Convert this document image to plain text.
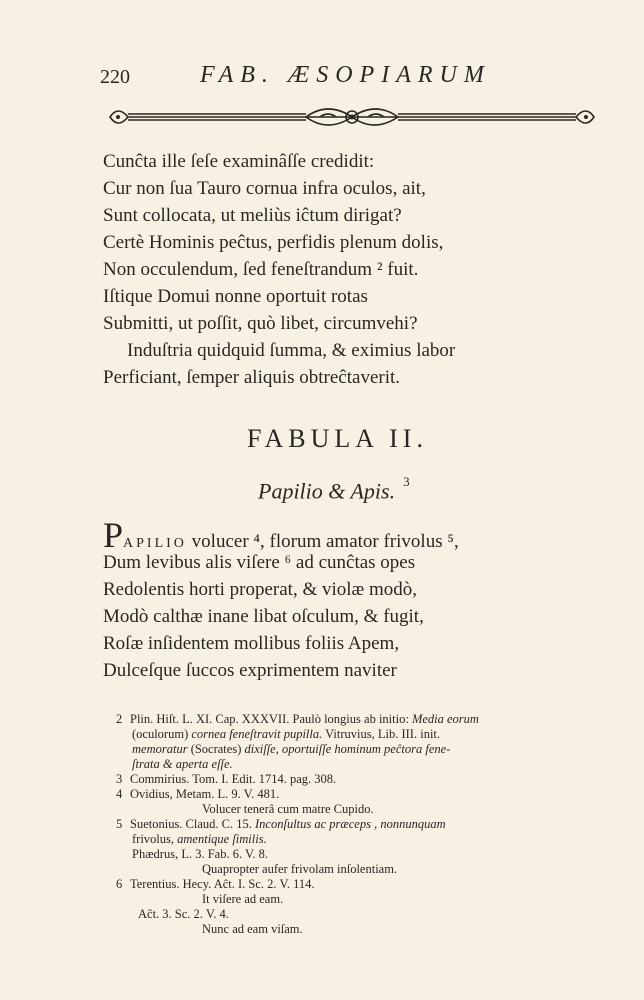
220	FAB. ÆSOPIARUM
Cunĉta ille ſeſe examinâſſe credidit:
Cur non ſua Tauro cornua infra oculos, ait,
Sunt collocata, ut meliùs iĉtum dirigat?
Certè Hominis peĉtus, perfidis plenum dolis,
Non occulendum, ſed feneſtrandum ² fuit.
Iſtique Domui nonne oportuit rotas
Submitti, ut poſſit, quò libet, circumvehi?
Induſtria quidquid ſumma, & eximius labor
Perficiant, ſemper aliquis obtreĉtaverit.
FABULA II.
Papilio & Apis. $^3$
PAPILIO volucer ⁴, florum amator frivolus ⁵,
Dum levibus alis viſere ⁶ ad cunĉtas opes
Redolentis horti properat, & violæ modò,
Modò calthæ inane libat oſculum, & fugit,
Roſæ inſidentem mollibus foliis Apem,
Dulceſque ſuccos exprimentem naviter
2 Plin. Hiſt. L. XI. Cap. XXXVII. Paulò longius ab initio: Media eorum
(oculorum) cornea feneſtravit pupilla. Vitruvius, Lib. III. init.
memoratur (Socrates) dixiſſe, oportuiſſe hominum peĉtora fene-
ſtrata & aperta eſſe.
3 Commirius. Tom. I. Edit. 1714. pag. 308.
4 Ovidius, Metam. L. 9. V. 481.
Volucer tenerâ cum matre Cupido.
5 Suetonius. Claud. C. 15. Inconſultus ac præceps , nonnunquam
frivolus, amentique ſimilis.
Phædrus, L. 3. Fab. 6. V. 8.
Quapropter aufer frivolam inſolentiam.
6 Terentius. Hecy. Aĉt. I. Sc. 2. V. 114.
It viſere ad eam.
Aĉt. 3. Sc. 2. V. 4.
Nunc ad eam viſam.
